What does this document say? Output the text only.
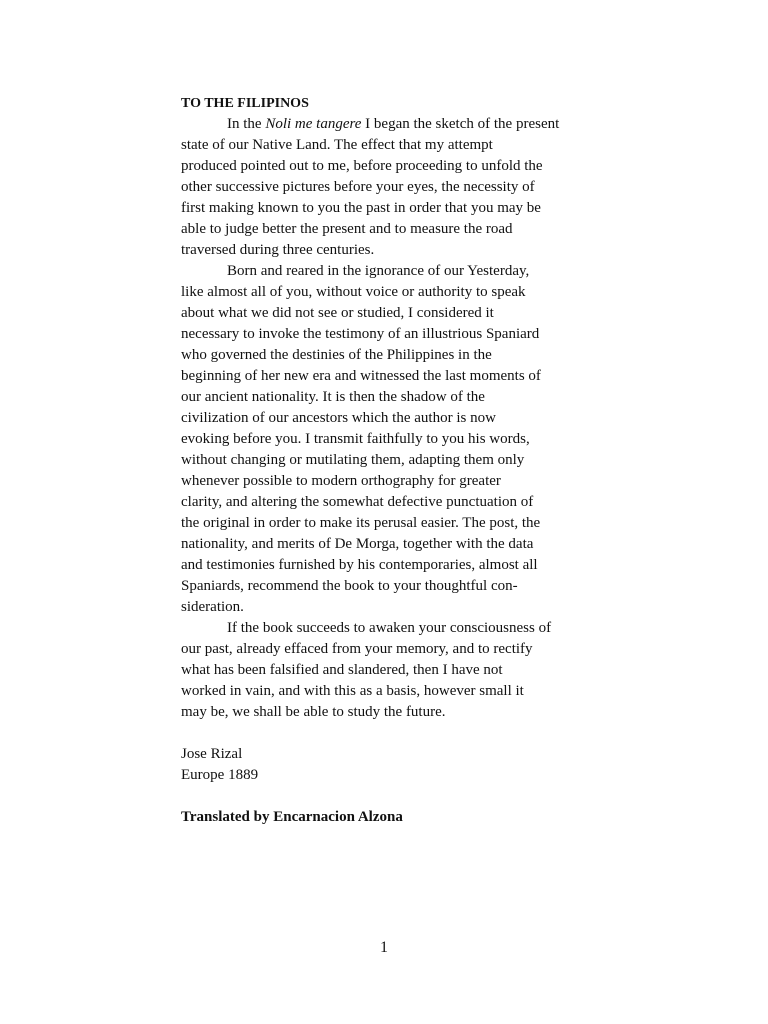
TO THE FILIPINOS

In the Noli me tangere I began the sketch of the present
state of our Native Land. The effect that my attempt
produced pointed out to me, before proceeding to unfold the
other successive pictures before your eyes, the necessity of
first making known to you the past in order that you may be
able to judge better the present and to measure the road
traversed during three centuries.
Born and reared in the ignorance of our Yesterday,
like almost all of you, without voice or authority to speak
about what we did not see or studied, I considered it
necessary to invoke the testimony of an illustrious Spaniard
who governed the destinies of the Philippines in the
beginning of her new era and witnessed the last moments of
our ancient nationality. It is then the shadow of the
civilization of our ancestors which the author is now
evoking before you. I transmit faithfully to you his words,
without changing or mutilating them, adapting them only
whenever possible to modern orthography for greater
clarity, and altering the somewhat defective punctuation of
the original in order to make its perusal easier. The post, the
nationality, and merits of De Morga, together with the data
and testimonies furnished by his contemporaries, almost all
Spaniards, recommend the book to your thoughtful con-
sideration.
If the book succeeds to awaken your consciousness of
our past, already effaced from your memory, and to rectify
what has been falsified and slandered, then I have not
worked in vain, and with this as a basis, however small it
may be, we shall be able to study the future.
Jose Rizal
Europe 1889
Translated by Encarnacion Alzona
1
